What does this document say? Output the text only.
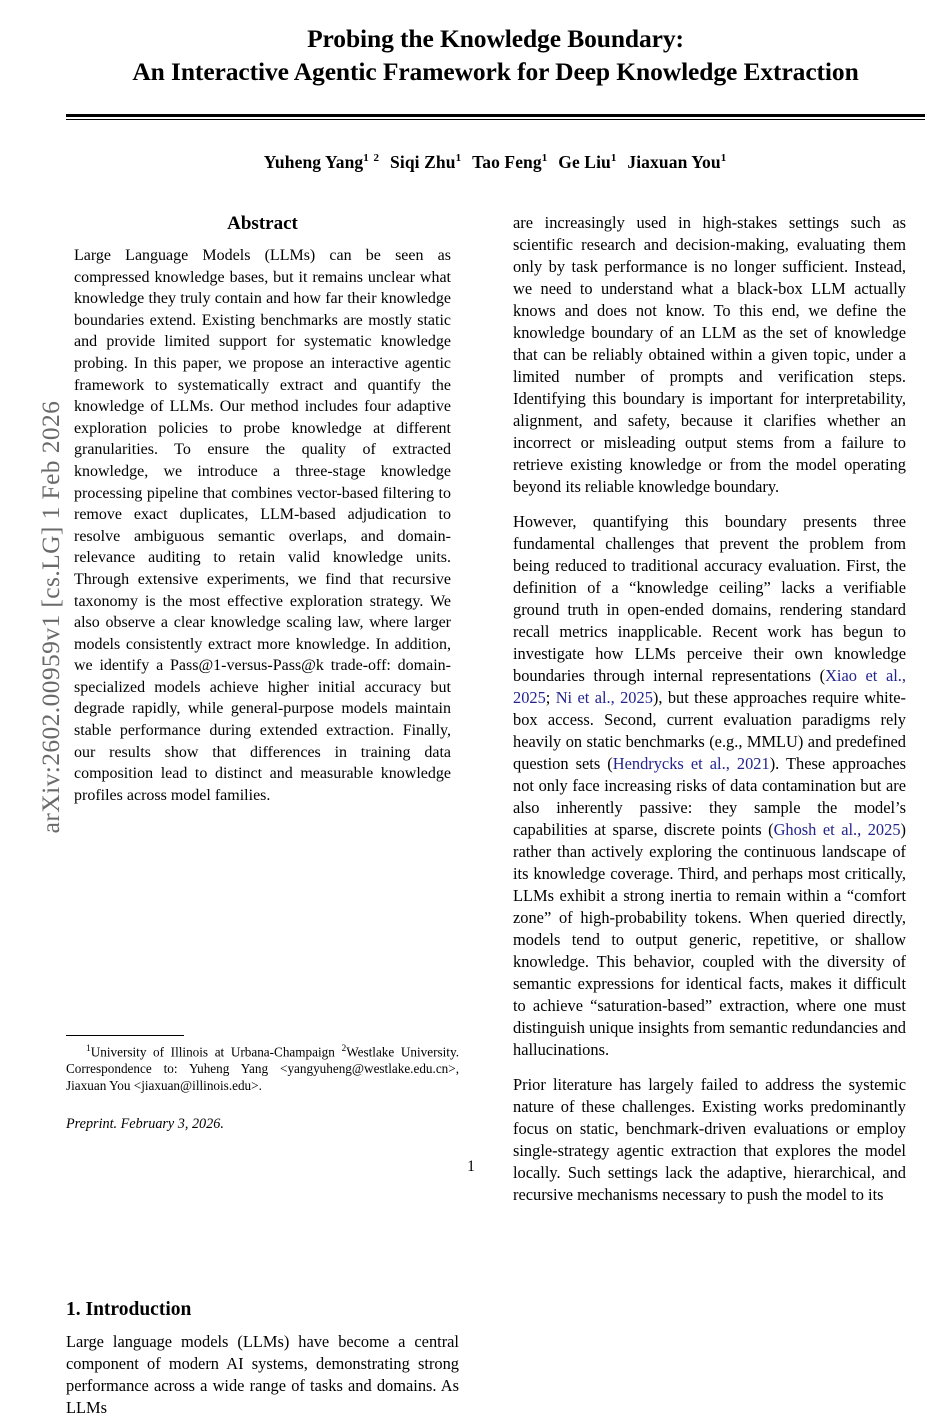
arXiv:2602.00959v1 [cs.LG] 1 Feb 2026
Probing the Knowledge Boundary:
An Interactive Agentic Framework for Deep Knowledge Extraction
Yuheng Yang$^{1 2}$ Siqi Zhu$^1$ Tao Feng$^1$ Ge Liu$^1$ Jiaxuan You$^1$
Abstract

Large Language Models (LLMs) can be seen as compressed knowledge bases, but it remains unclear what knowledge they truly contain and how far their knowledge boundaries extend. Existing benchmarks are mostly static and provide limited support for systematic knowledge probing. In this paper, we propose an interactive agentic framework to systematically extract and quantify the knowledge of LLMs. Our method includes four adaptive exploration policies to probe knowledge at different granularities. To ensure the quality of extracted knowledge, we introduce a three-stage knowledge processing pipeline that combines vector-based filtering to remove exact duplicates, LLM-based adjudication to resolve ambiguous semantic overlaps, and domain-relevance auditing to retain valid knowledge units. Through extensive experiments, we find that recursive taxonomy is the most effective exploration strategy. We also observe a clear knowledge scaling law, where larger models consistently extract more knowledge. In addition, we identify a Pass@1-versus-Pass@k trade-off: domain-specialized models achieve higher initial accuracy but degrade rapidly, while general-purpose models maintain stable performance during extended extraction. Finally, our results show that differences in training data composition lead to distinct and measurable knowledge profiles across model families.

1. Introduction

Large language models (LLMs) have become a central component of modern AI systems, demonstrating strong performance across a wide range of tasks and domains. As LLMs

$^1$University of Illinois at Urbana-Champaign $^2$Westlake University. Correspondence to: Yuheng Yang <yangyuheng@westlake.edu.cn>, Jiaxuan You <jiaxuan@illinois.edu>.

Preprint. February 3, 2026.

are increasingly used in high-stakes settings such as scientific research and decision-making, evaluating them only by task performance is no longer sufficient. Instead, we need to understand what a black-box LLM actually knows and does not know. To this end, we define the knowledge boundary of an LLM as the set of knowledge that can be reliably obtained within a given topic, under a limited number of prompts and verification steps. Identifying this boundary is important for interpretability, alignment, and safety, because it clarifies whether an incorrect or misleading output stems from a failure to retrieve existing knowledge or from the model operating beyond its reliable knowledge boundary.

However, quantifying this boundary presents three fundamental challenges that prevent the problem from being reduced to traditional accuracy evaluation. First, the definition of a “knowledge ceiling” lacks a verifiable ground truth in open-ended domains, rendering standard recall metrics inapplicable. Recent work has begun to investigate how LLMs perceive their own knowledge boundaries through internal representations (Xiao et al., 2025; Ni et al., 2025), but these approaches require white-box access. Second, current evaluation paradigms rely heavily on static benchmarks (e.g., MMLU) and predefined question sets (Hendrycks et al., 2021). These approaches not only face increasing risks of data contamination but are also inherently passive: they sample the model’s capabilities at sparse, discrete points (Ghosh et al., 2025) rather than actively exploring the continuous landscape of its knowledge coverage. Third, and perhaps most critically, LLMs exhibit a strong inertia to remain within a “comfort zone” of high-probability tokens. When queried directly, models tend to output generic, repetitive, or shallow knowledge. This behavior, coupled with the diversity of semantic expressions for identical facts, makes it difficult to achieve “saturation-based” extraction, where one must distinguish unique insights from semantic redundancies and hallucinations.

Prior literature has largely failed to address the systemic nature of these challenges. Existing works predominantly focus on static, benchmark-driven evaluations or employ single-strategy agentic extraction that explores the model locally. Such settings lack the adaptive, hierarchical, and recursive mechanisms necessary to push the model to its

1
